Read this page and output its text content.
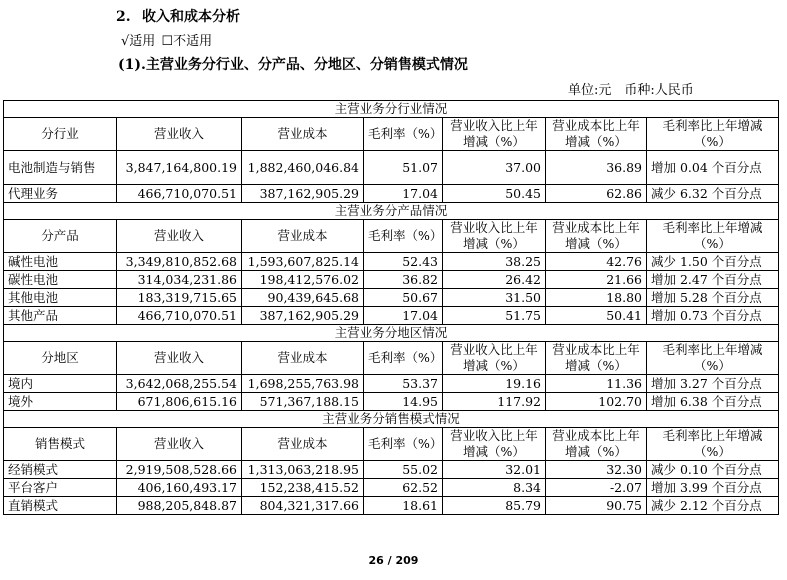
2. 收入和成本分析
√适用 ☐不适用
(1).主营业务分行业、分产品、分地区、分销售模式情况
单位:元　币种:人民币
主营业务分行业情况						
分行业	营业收入	营业成本	毛利率（%）	营业收入比上年增减（%）	营业成本比上年增减（%）	毛利率比上年增减（%）
电池制造与销售	3,847,164,800.19	1,882,460,046.84	51.07	37.00	36.89	增加 0.04 个百分点
代理业务	466,710,070.51	387,162,905.29	17.04	50.45	62.86	减少 6.32 个百分点
主营业务分产品情况						
分产品	营业收入	营业成本	毛利率（%）	营业收入比上年增减（%）	营业成本比上年增减（%）	毛利率比上年增减（%）
碱性电池	3,349,810,852.68	1,593,607,825.14	52.43	38.25	42.76	减少 1.50 个百分点
碳性电池	314,034,231.86	198,412,576.02	36.82	26.42	21.66	增加 2.47 个百分点
其他电池	183,319,715.65	90,439,645.68	50.67	31.50	18.80	增加 5.28 个百分点
其他产品	466,710,070.51	387,162,905.29	17.04	51.75	50.41	增加 0.73 个百分点
主营业务分地区情况						
分地区	营业收入	营业成本	毛利率（%）	营业收入比上年增减（%）	营业成本比上年增减（%）	毛利率比上年增减（%）
境内	3,642,068,255.54	1,698,255,763.98	53.37	19.16	11.36	增加 3.27 个百分点
境外	671,806,615.16	571,367,188.15	14.95	117.92	102.70	增加 6.38 个百分点
主营业务分销售模式情况						
销售模式	营业收入	营业成本	毛利率（%）	营业收入比上年增减（%）	营业成本比上年增减（%）	毛利率比上年增减（%）
经销模式	2,919,508,528.66	1,313,063,218.95	55.02	32.01	32.30	减少 0.10 个百分点
平台客户	406,160,493.17	152,238,415.52	62.52	8.34	-2.07	增加 3.99 个百分点
直销模式	988,205,848.87	804,321,317.66	18.61	85.79	90.75	减少 2.12 个百分点
26 / 209
